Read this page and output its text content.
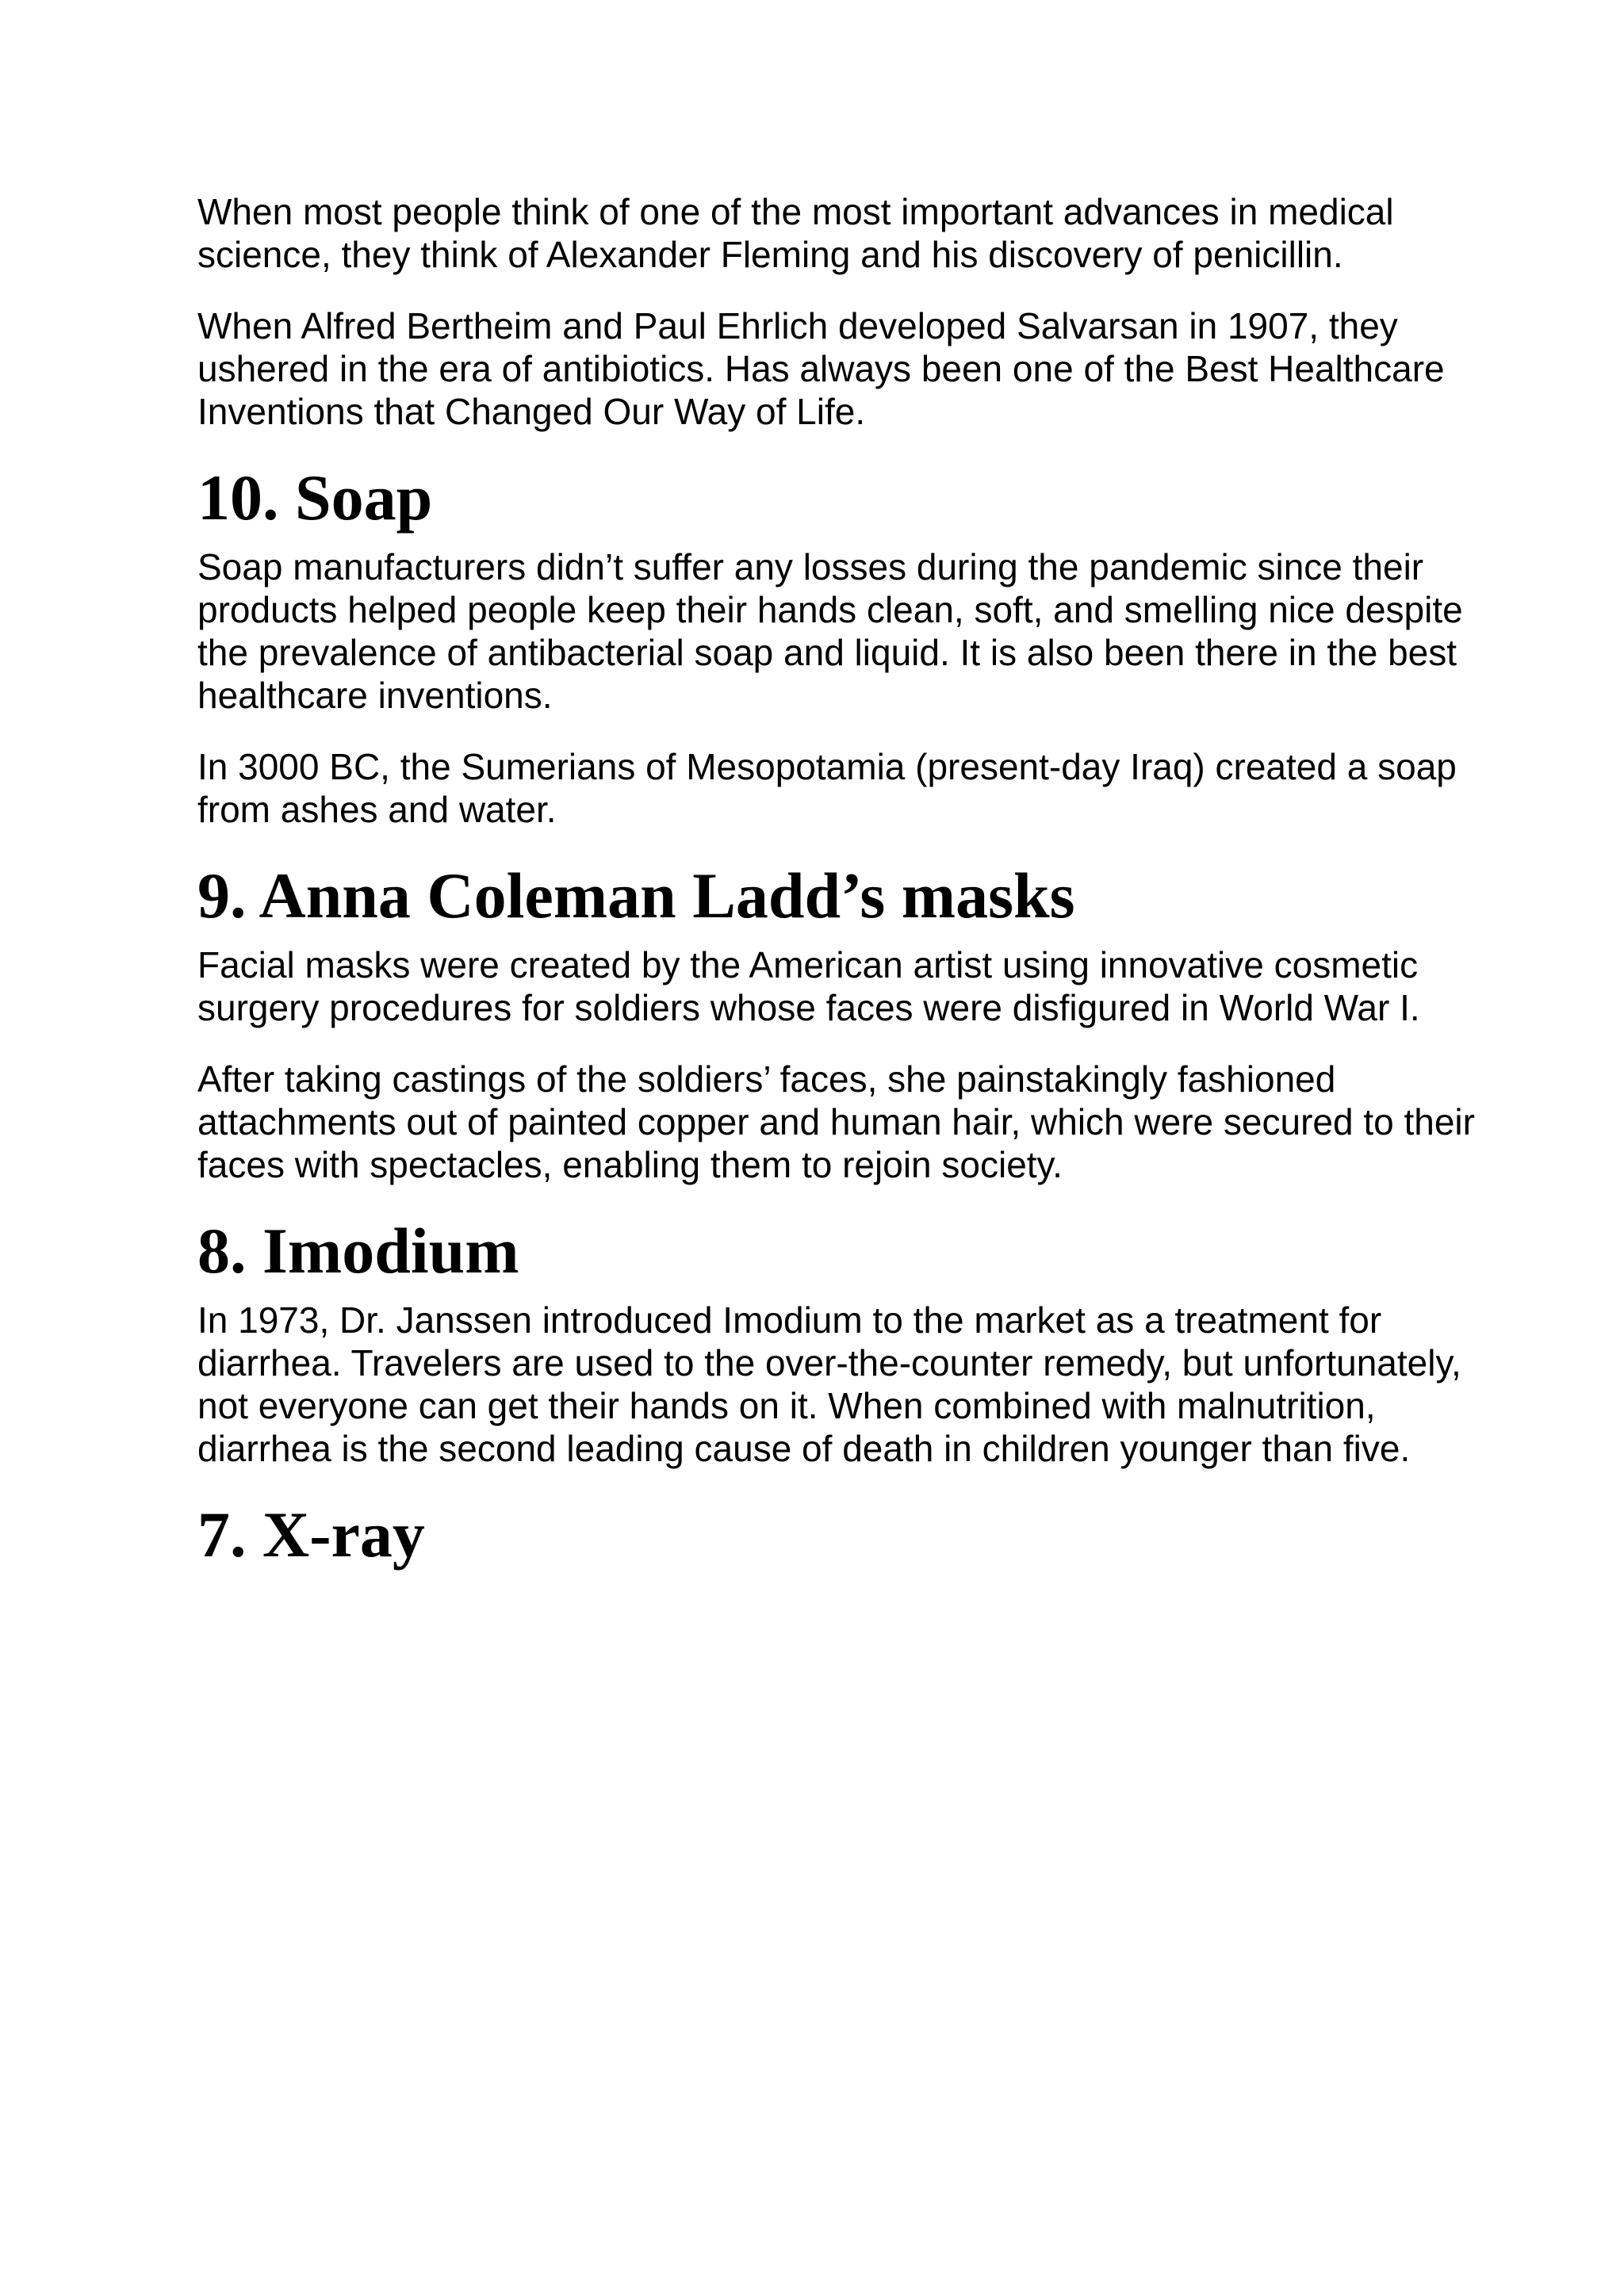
When most people think of one of the most important advances in medical science, they think of Alexander Fleming and his discovery of penicillin.

When Alfred Bertheim and Paul Ehrlich developed Salvarsan in 1907, they ushered in the era of antibiotics. Has always been one of the Best Healthcare Inventions that Changed Our Way of Life.

10. Soap

Soap manufacturers didn’t suffer any losses during the pandemic since their products helped people keep their hands clean, soft, and smelling nice despite the prevalence of antibacterial soap and liquid. It is also been there in the best healthcare inventions.

In 3000 BC, the Sumerians of Mesopotamia (present-day Iraq) created a soap from ashes and water.

9. Anna Coleman Ladd’s masks

Facial masks were created by the American artist using innovative cosmetic surgery procedures for soldiers whose faces were disfigured in World War I.

After taking castings of the soldiers’ faces, she painstakingly fashioned attachments out of painted copper and human hair, which were secured to their faces with spectacles, enabling them to rejoin society.

8. Imodium

In 1973, Dr. Janssen introduced Imodium to the market as a treatment for diarrhea. Travelers are used to the over-the-counter remedy, but unfortunately, not everyone can get their hands on it. When combined with malnutrition, diarrhea is the second leading cause of death in children younger than five.

7. X-ray
